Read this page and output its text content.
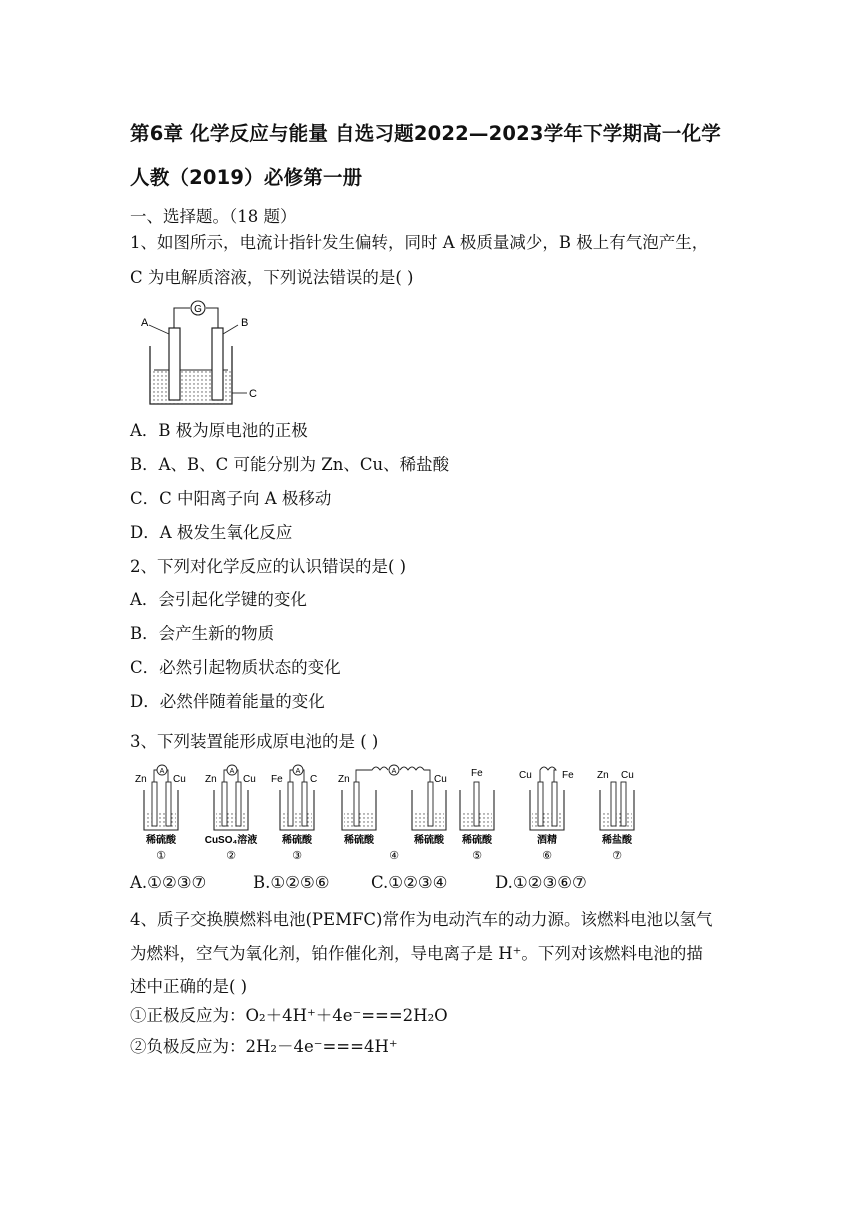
第6章 化学反应与能量 自选习题2022—2023学年下学期高一化学
人教（2019）必修第一册
一、选择题。（18 题）
1、如图所示，电流计指针发生偏转，同时 A 极质量减少，B 极上有气泡产生，
C 为电解质溶液，下列说法错误的是( )
G
A	B
C
A．B 极为原电池的正极
B．A、B、C 可能分别为 Zn、Cu、稀盐酸
C．C 中阳离子向 A 极移动
D．A 极发生氧化反应
2、下列对化学反应的认识错误的是( )
A．会引起化学键的变化
B．会产生新的物质
C．必然引起物质状态的变化
D．必然伴随着能量的变化
3、下列装置能形成原电池的是 ( )
A
Zn	Cu
稀硫酸
①
A
Zn	Cu
CuSO₄溶液
②
A
Fe	C
稀硫酸
③
A
Zn	Cu
稀硫酸	稀硫酸
④
Fe
稀硫酸
⑤
Cu	Fe
酒精
⑥
Zn Cu
稀盐酸
⑦
A.①②③⑦	B.①②⑤⑥	C.①②③④	D.①②③⑥⑦
4、质子交换膜燃料电池(PEMFC)常作为电动汽车的动力源。该燃料电池以氢气
为燃料，空气为氧化剂，铂作催化剂，导电离子是 H⁺。下列对该燃料电池的描
述中正确的是( )
①正极反应为：O₂＋4H⁺＋4e⁻===2H₂O
②负极反应为：2H₂－4e⁻===4H⁺
